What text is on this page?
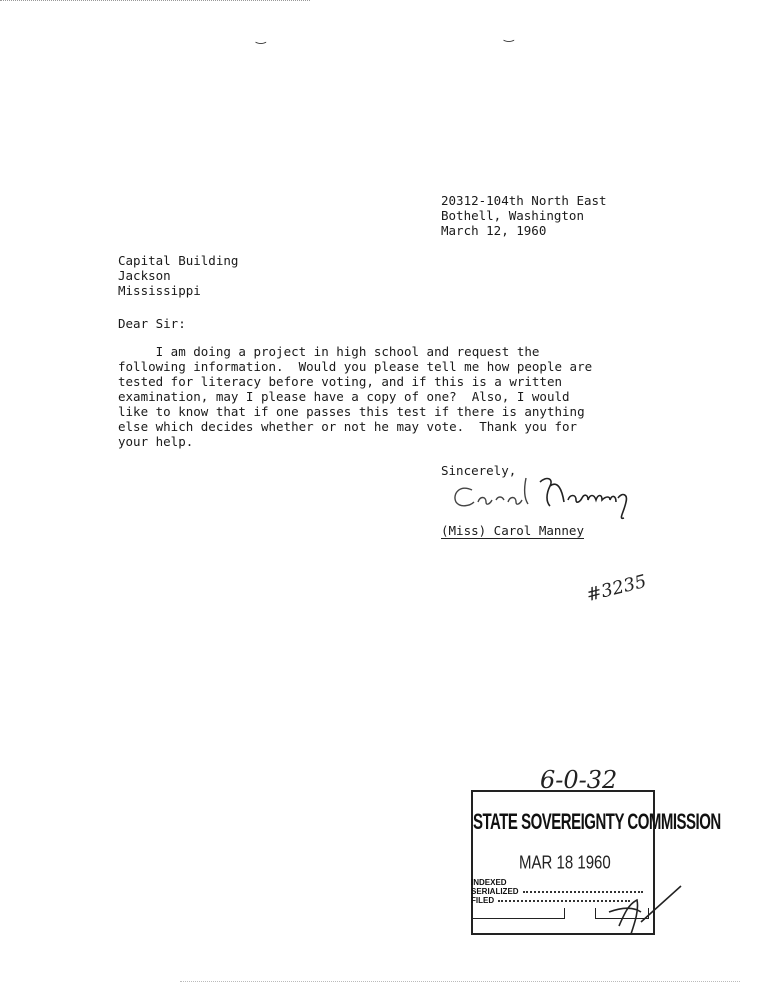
‿	‿
20312-104th North East
Bothell, Washington
March 12, 1960
Capital Building
Jackson
Mississippi
Dear Sir:
I am doing a project in high school and request the
following information.  Would you please tell me how people are
tested for literacy before voting, and if this is a written
examination, may I please have a copy of one?  Also, I would
like to know that if one passes this test if there is anything
else which decides whether or not he may vote.  Thank you for
your help.
Sincerely,
(Miss) Carol Manney
#3235
6-0-32
STATE SOVEREIGNTY COMMISSION
MAR 18 1960
INDEXED
SERIALIZED
FILED
